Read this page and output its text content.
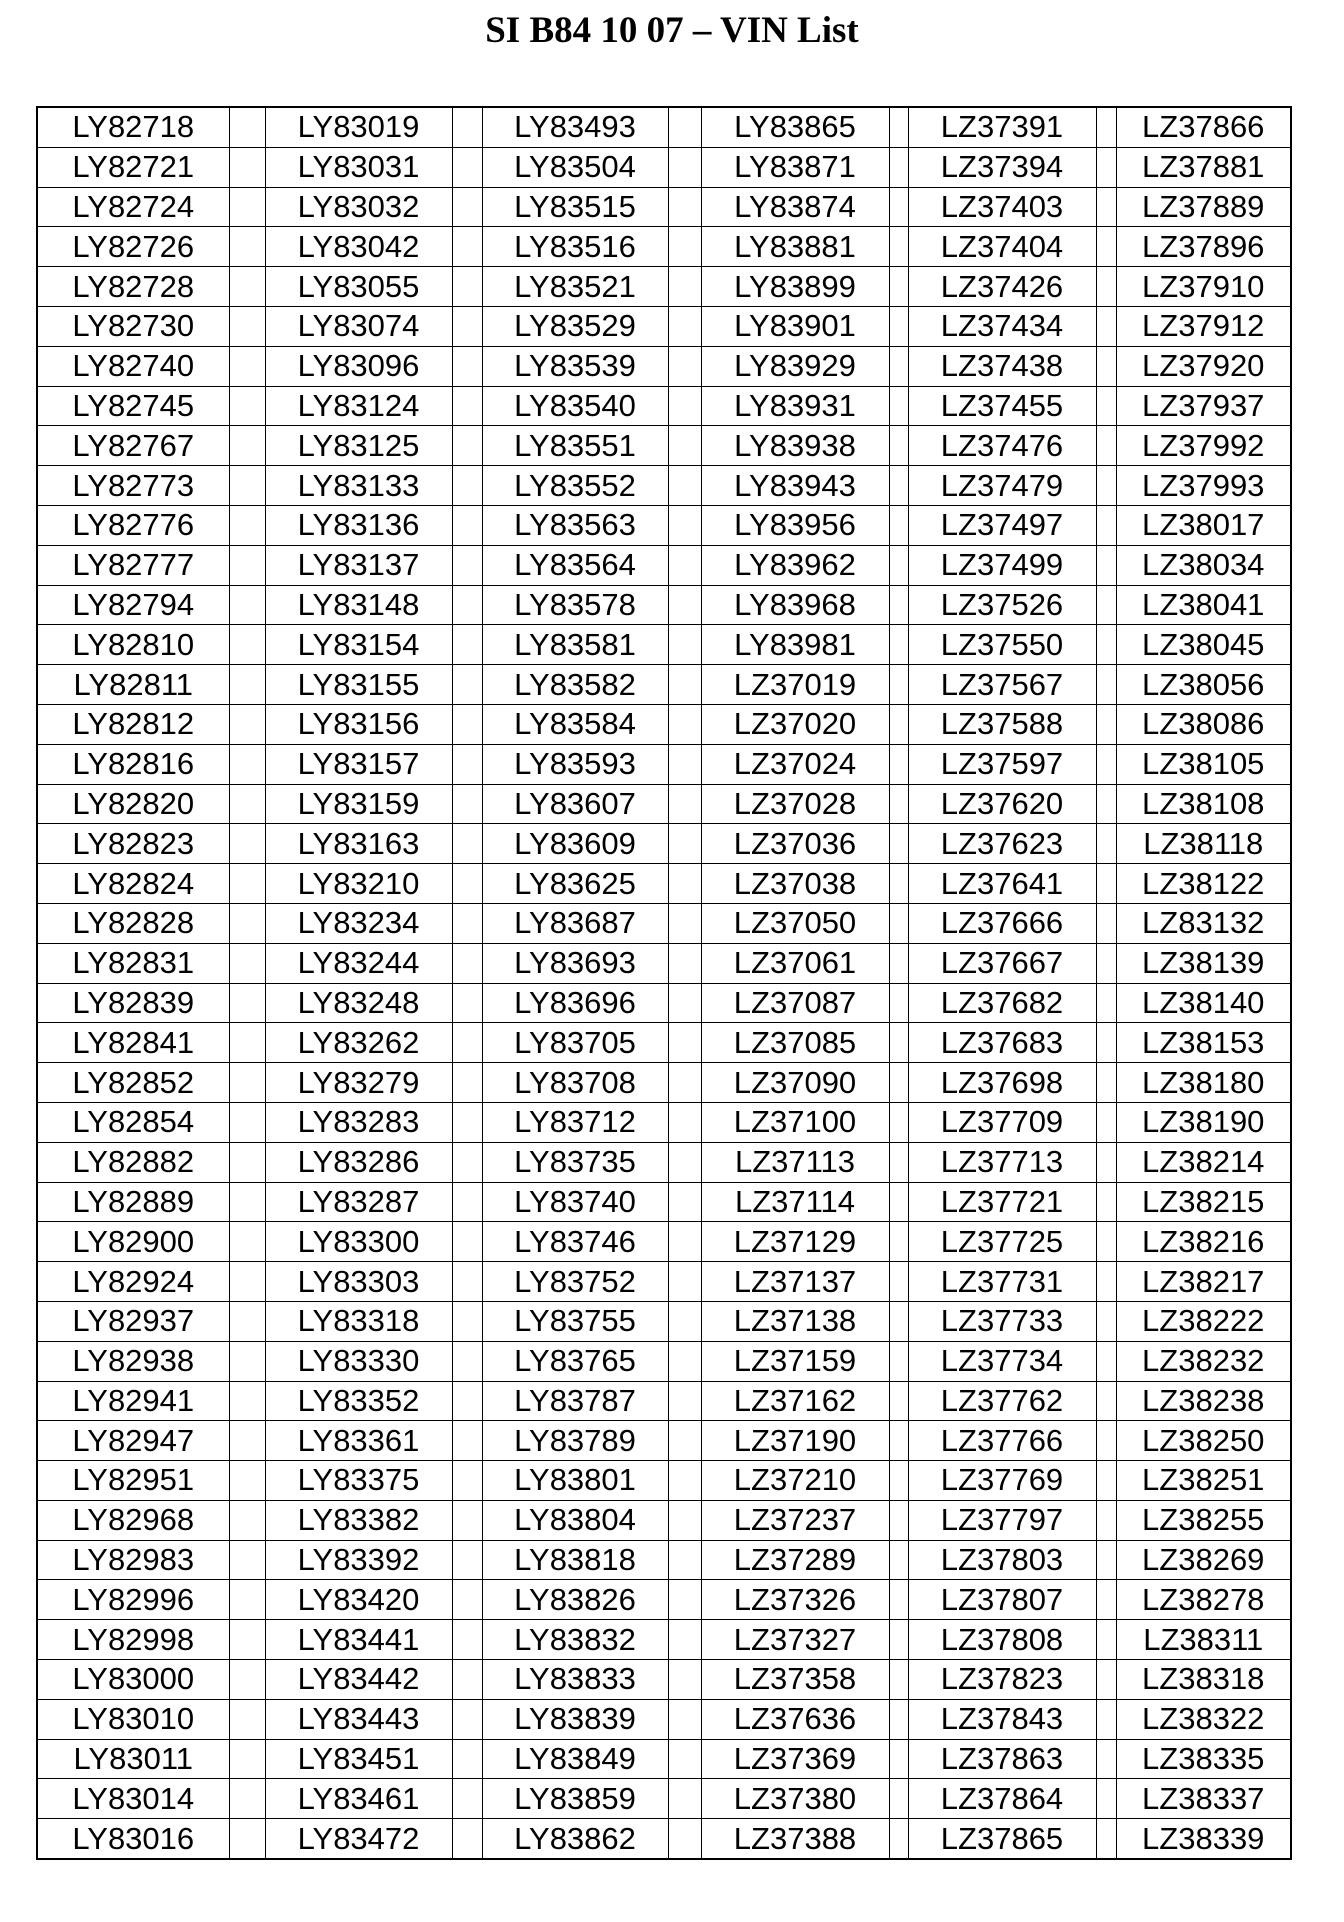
SI B84 10 07 – VIN List
LY82718		LY83019		LY83493		LY83865		LZ37391		LZ37866
LY82721		LY83031		LY83504		LY83871		LZ37394		LZ37881
LY82724		LY83032		LY83515		LY83874		LZ37403		LZ37889
LY82726		LY83042		LY83516		LY83881		LZ37404		LZ37896
LY82728		LY83055		LY83521		LY83899		LZ37426		LZ37910
LY82730		LY83074		LY83529		LY83901		LZ37434		LZ37912
LY82740		LY83096		LY83539		LY83929		LZ37438		LZ37920
LY82745		LY83124		LY83540		LY83931		LZ37455		LZ37937
LY82767		LY83125		LY83551		LY83938		LZ37476		LZ37992
LY82773		LY83133		LY83552		LY83943		LZ37479		LZ37993
LY82776		LY83136		LY83563		LY83956		LZ37497		LZ38017
LY82777		LY83137		LY83564		LY83962		LZ37499		LZ38034
LY82794		LY83148		LY83578		LY83968		LZ37526		LZ38041
LY82810		LY83154		LY83581		LY83981		LZ37550		LZ38045
LY82811		LY83155		LY83582		LZ37019		LZ37567		LZ38056
LY82812		LY83156		LY83584		LZ37020		LZ37588		LZ38086
LY82816		LY83157		LY83593		LZ37024		LZ37597		LZ38105
LY82820		LY83159		LY83607		LZ37028		LZ37620		LZ38108
LY82823		LY83163		LY83609		LZ37036		LZ37623		LZ38118
LY82824		LY83210		LY83625		LZ37038		LZ37641		LZ38122
LY82828		LY83234		LY83687		LZ37050		LZ37666		LZ83132
LY82831		LY83244		LY83693		LZ37061		LZ37667		LZ38139
LY82839		LY83248		LY83696		LZ37087		LZ37682		LZ38140
LY82841		LY83262		LY83705		LZ37085		LZ37683		LZ38153
LY82852		LY83279		LY83708		LZ37090		LZ37698		LZ38180
LY82854		LY83283		LY83712		LZ37100		LZ37709		LZ38190
LY82882		LY83286		LY83735		LZ37113		LZ37713		LZ38214
LY82889		LY83287		LY83740		LZ37114		LZ37721		LZ38215
LY82900		LY83300		LY83746		LZ37129		LZ37725		LZ38216
LY82924		LY83303		LY83752		LZ37137		LZ37731		LZ38217
LY82937		LY83318		LY83755		LZ37138		LZ37733		LZ38222
LY82938		LY83330		LY83765		LZ37159		LZ37734		LZ38232
LY82941		LY83352		LY83787		LZ37162		LZ37762		LZ38238
LY82947		LY83361		LY83789		LZ37190		LZ37766		LZ38250
LY82951		LY83375		LY83801		LZ37210		LZ37769		LZ38251
LY82968		LY83382		LY83804		LZ37237		LZ37797		LZ38255
LY82983		LY83392		LY83818		LZ37289		LZ37803		LZ38269
LY82996		LY83420		LY83826		LZ37326		LZ37807		LZ38278
LY82998		LY83441		LY83832		LZ37327		LZ37808		LZ38311
LY83000		LY83442		LY83833		LZ37358		LZ37823		LZ38318
LY83010		LY83443		LY83839		LZ37636		LZ37843		LZ38322
LY83011		LY83451		LY83849		LZ37369		LZ37863		LZ38335
LY83014		LY83461		LY83859		LZ37380		LZ37864		LZ38337
LY83016		LY83472		LY83862		LZ37388		LZ37865		LZ38339
